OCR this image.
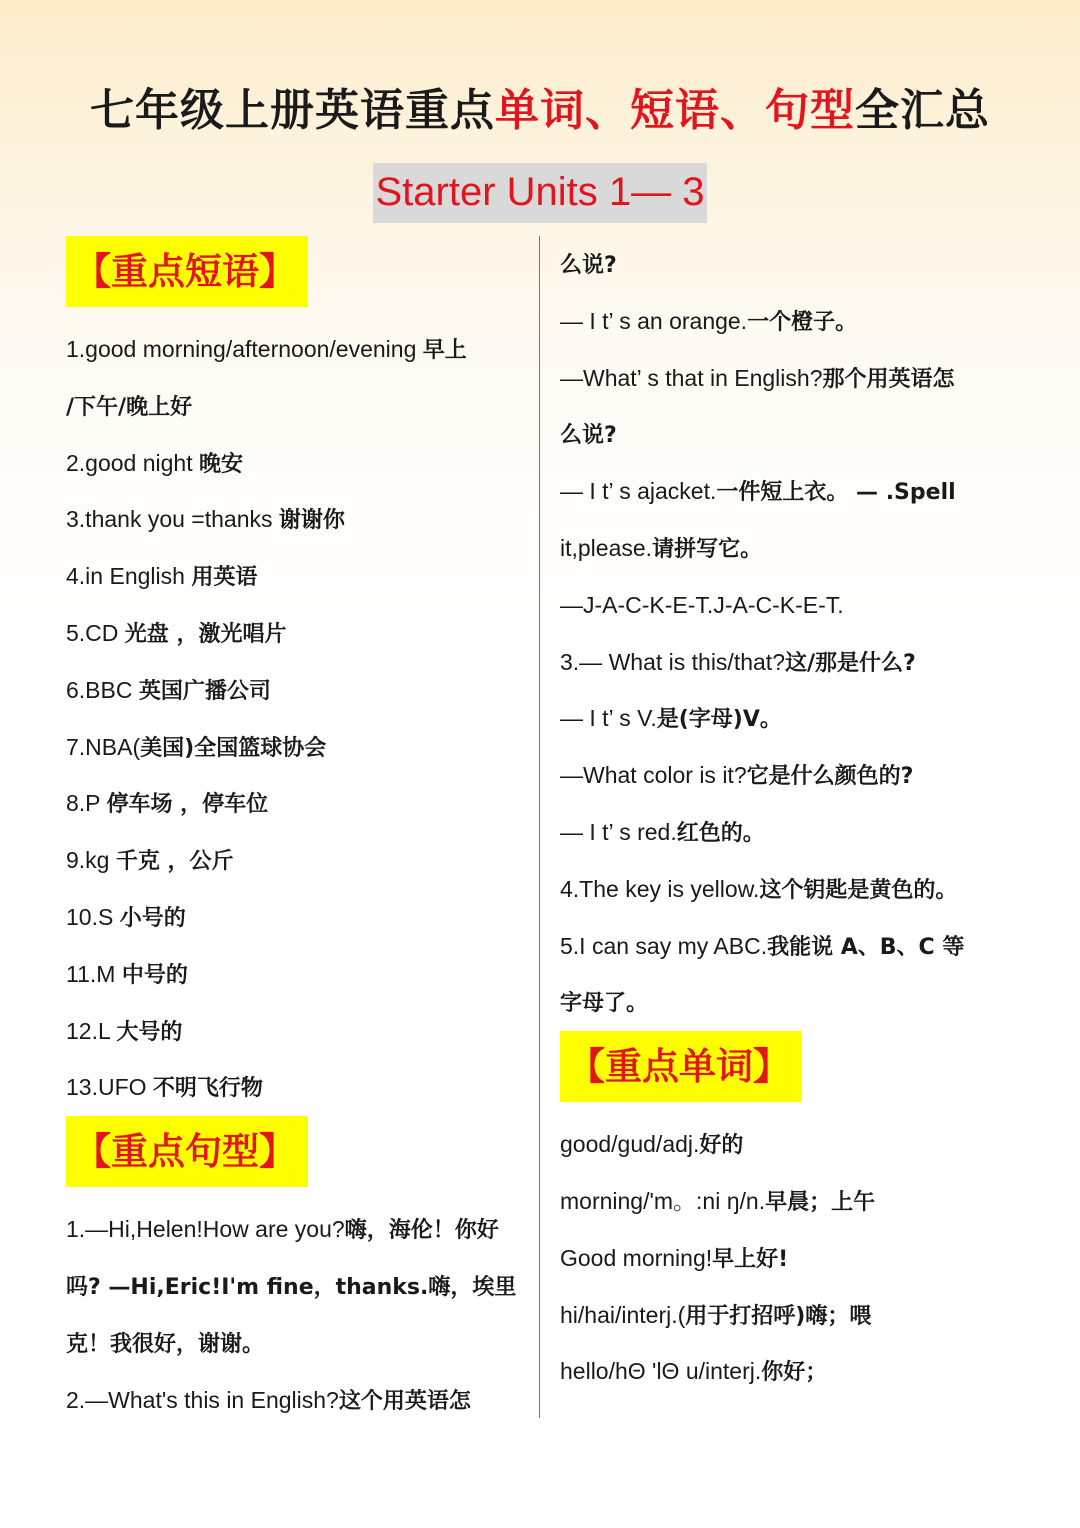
七年级上册英语重点单词、短语、句型全汇总
Starter Units 1— 3
【重点短语】
1.good morning/afternoon/evening 早上
/下午/晚上好
2.good night 晚安
3.thank you =thanks 谢谢你
4.in English 用英语
5.CD 光盘 ，激光唱片
6.BBC 英国广播公司
7.NBA(美国)全国篮球协会
8.P 停车场 ，停车位
9.kg 千克 ，公斤
10.S 小号的
11.M 中号的
12.L 大号的
13.UFO 不明飞行物
【重点句型】
1.—Hi,Helen!How are you?嗨，海伦！你好
吗? —Hi,Eric!I'm fine，thanks.嗨，埃里
克！我很好，谢谢。
2.—What's this in English?这个用英语怎
么说?
— I t’ s an orange.一个橙子。
—What’ s that in English?那个用英语怎
么说?
— I t’ s ajacket.一件短上衣。 — .Spell
it,please.请拼写它。
—J-A-C-K-E-T.J-A-C-K-E-T.
3.— What is this/that?这/那是什么?
— I t’ s V.是(字母)V。
—What color is it?它是什么颜色的?
— I t’ s red.红色的。
4.The key is yellow.这个钥匙是黄色的。
5.I can say my ABC.我能说 A、B、C 等
字母了。
【重点单词】
good/gud/adj.好的
morning/'m。:ni ŋ/n.早晨；上午
Good morning!早上好!
hi/hai/interj.(用于打招呼)嗨；喂
hello/hΘ 'lΘ u/interj.你好；
